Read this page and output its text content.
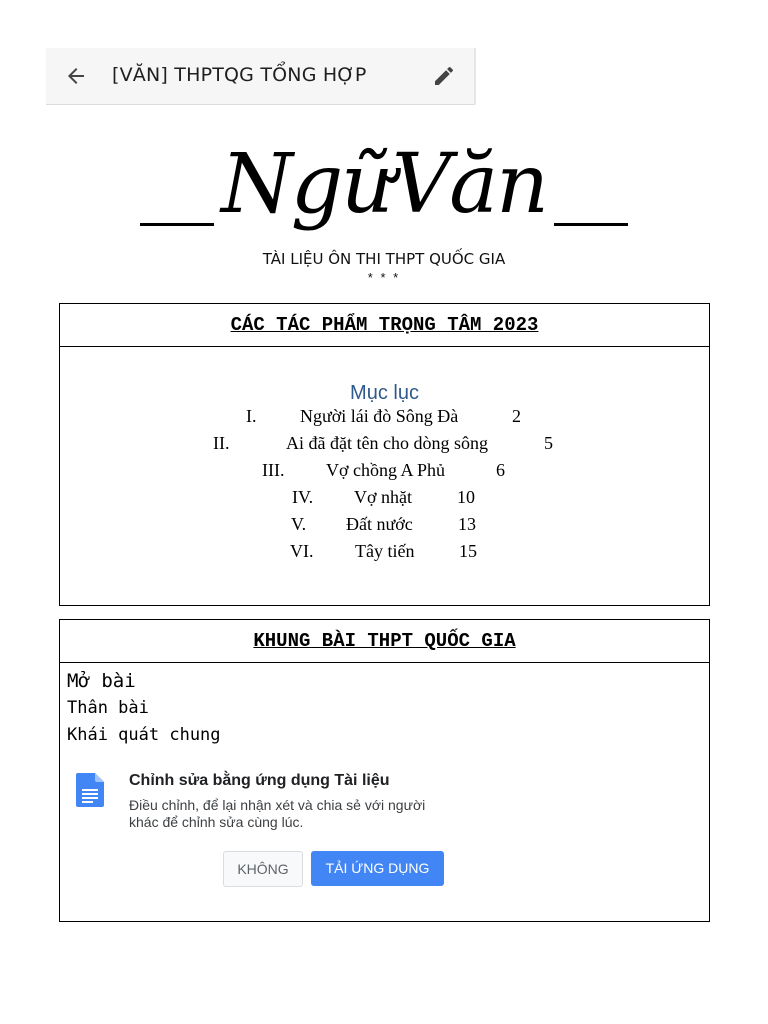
[VĂN] THPTQG TỔNG HỢP
NgữVăn
TÀI LIỆU ÔN THI THPT QUỐC GIA
* * *
CÁC TÁC PHẨM TRỌNG TÂM 2023
Mục lục
I. Người lái đò Sông Đà	2
II.	Ai đã đặt tên cho dòng sông	5
III. Vợ chồng A Phủ	6
IV. Vợ nhặt 10
V. Đất nước	13
VI. Tây tiến 15
KHUNG BÀI THPT QUỐC GIA
Mở bài
Thân bài
Khái quát chung
Chỉnh sửa bằng ứng dụng Tài liệu
Điều chỉnh, để lại nhận xét và chia sẻ với người khác để chỉnh sửa cùng lúc.
KHÔNG	TẢI ỨNG DỤNG
